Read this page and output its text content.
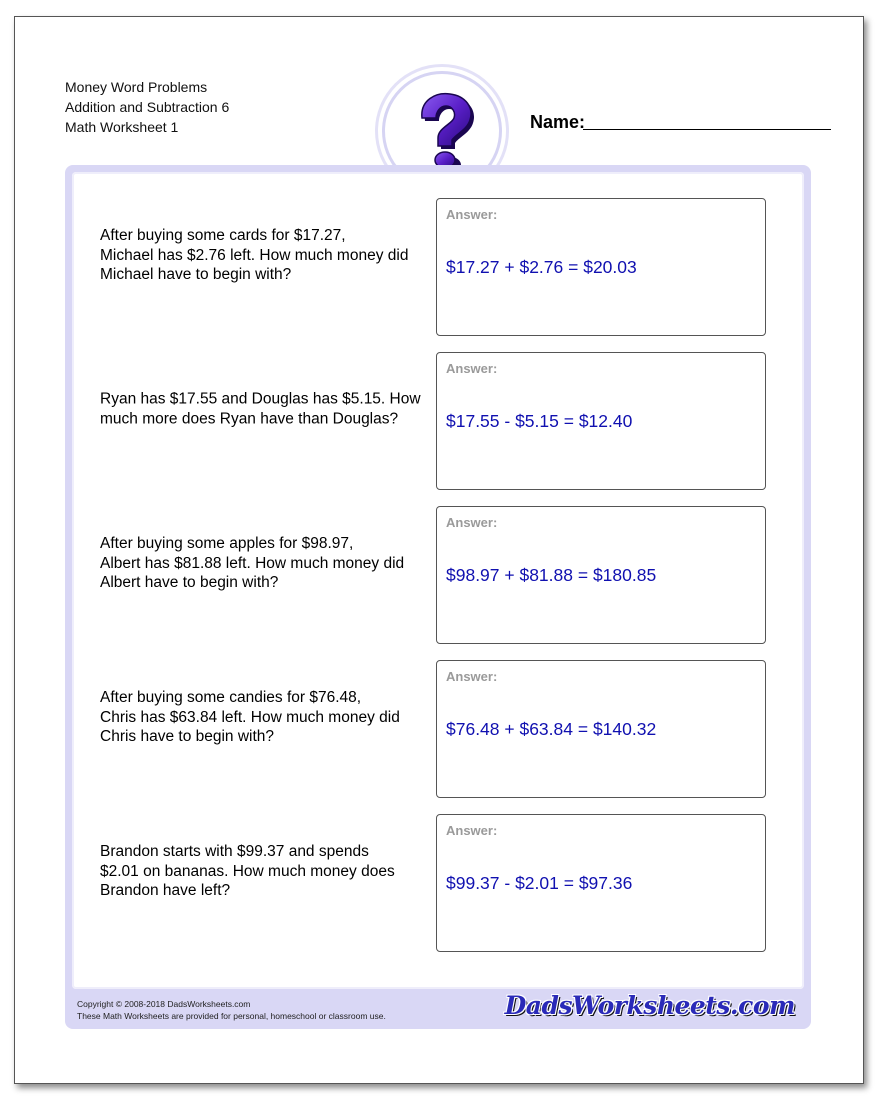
Money Word Problems
Addition and Subtraction 6
Math Worksheet 1	Name:
After buying some cards for $17.27,
Michael has $2.76 left. How much money did
Michael have to begin with?
Answer:
$17.27 + $2.76 = $20.03
Ryan has $17.55 and Douglas has $5.15. How
much more does Ryan have than Douglas?
Answer:
$17.55 - $5.15 = $12.40
After buying some apples for $98.97,
Albert has $81.88 left. How much money did
Albert have to begin with?
Answer:
$98.97 + $81.88 = $180.85
After buying some candies for $76.48,
Chris has $63.84 left. How much money did
Chris have to begin with?
Answer:
$76.48 + $63.84 = $140.32
Brandon starts with $99.37 and spends
$2.01 on bananas. How much money does
Brandon have left?
Answer:
$99.37 - $2.01 = $97.36
Copyright © 2008-2018 DadsWorksheets.com
These Math Worksheets are provided for personal, homeschool or classroom use.	DadsWorksheets.com
